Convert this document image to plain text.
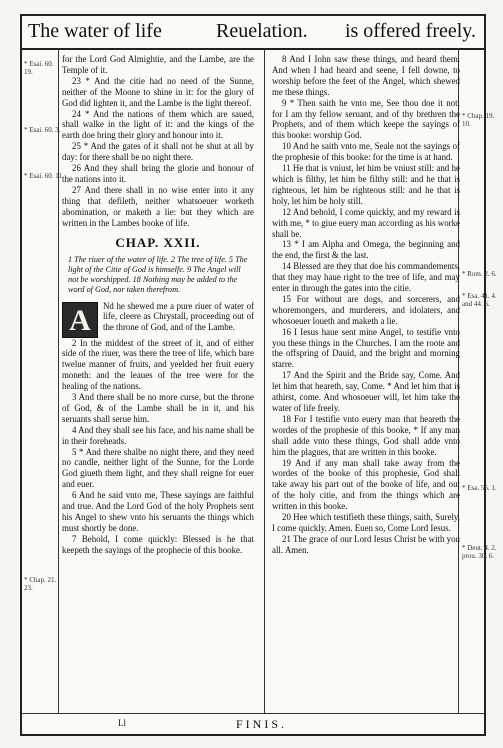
The water of life	Reuelation. is offered freely.
* Esai. 60. 19.
* Esai. 60. 3.
* Esai. 60. 11
* Chap. 21. 23.
* Chap. 19. 10.
* Rom. 2. 6.
* Esa. 41. 4. and 44. 6.
* Esa. 55. 1.
* Deut. 4. 2. prou. 30. 6.

for the Lord God Almightie, and the Lambe, are the Temple of it.

23 * And the citie had no need of the Sunne, neither of the Moone to shine in it: for the glory of God did lighten it, and the Lambe is the light thereof.

24 * And the nations of them which are saued, shall walke in the light of it: and the kings of the earth doe bring their glory and honour into it.

25 * And the gates of it shall not be shut at all by day: for there shall be no night there.

26 And they shall bring the glorie and honour of the nations into it.

27 And there shall in no wise enter into it any thing that defileth, neither whatsoeuer worketh abomination, or maketh a lie: but they which are written in the Lambes booke of life.

CHAP. XXII.
1 The riuer of the water of life. 2 The tree of life. 5 The light of the Citie of God is himselfe. 9 The Angel will not be worshipped. 18 Nothing may be added to the word of God, nor taken therefrom.
A	Nd he shewed me a pure riuer of water of life, cleere as Chrystall, proceeding out of the throne of God, and of the Lambe.

2 In the middest of the street of it, and of either side of the riuer, was there the tree of life, which bare twelue manner of fruits, and yeelded her fruit euery moneth: and the leaues of the tree were for the healing of the nations.

3 And there shall be no more curse, but the throne of God, & of the Lambe shall be in it, and his seruants shall serue him.

4 And they shall see his face, and his name shall be in their foreheads.

5 * And there shalbe no night there, and they need no candle, neither light of the Sunne, for the Lorde God giueth them light, and they shall reigne for euer and euer.

6 And he said vnto me, These sayings are faithful and true. And the Lord God of the holy Prophets sent his Angel to shew vnto his seruants the things which must shortly be done.

7 Behold, I come quickly: Blessed is he that keepeth the sayings of the prophecie of this booke.

8 And I Iohn saw these things, and heard them. And when I had heard and seene, I fell downe, to worship before the feet of the Angel, which shewed me these things.

9 * Then saith he vnto me, See thou doe it not: for I am thy fellow seruant, and of thy brethren the Prophets, and of them which keepe the sayings of this booke: worship God.

10 And he saith vnto me, Seale not the sayings of the prophesie of this booke: for the time is at hand.

11 He that is vniust, let him be vniust still: and he which is filthy, let him be filthy still: and he that is righteous, let him be righteous still: and he that is holy, let him be holy still.

12 And behold, I come quickly, and my reward is with me, * to giue euery man according as his worke shall be.

13 * I am Alpha and Omega, the beginning and the end, the first & the last.

14 Blessed are they that doe his commandements, that they may haue right to the tree of life, and may enter in through the gates into the citie.

15 For without are dogs, and sorcerers, and whoremongers, and murderers, and idolaters, and whosoeuer loueth and maketh a lie.

16 I Iesus haue sent mine Angel, to testifie vnto you these things in the Churches. I am the roote and the offspring of Dauid, and the bright and morning starre.

17 And the Spirit and the Bride say, Come. And let him that heareth, say, Come. * And let him that is athirst, come. And whosoeuer will, let him take the water of life freely.

18 For I testifie vnto euery man that heareth the wordes of the prophesie of this booke, * If any man shall adde vnto these things, God shall adde vnto him the plagues, that are written in this booke.

19 And if any man shall take away from the wordes of the booke of this prophesie, God shall take away his part out of the booke of life, and out of the holy citie, and from the things which are written in this booke.

20 Hee which testifieth these things, saith, Surely, I come quickly. Amen. Euen so, Come Lord Iesus.

21 The grace of our Lord Iesus Christ be with you all. Amen.

Ll	FINIS.
